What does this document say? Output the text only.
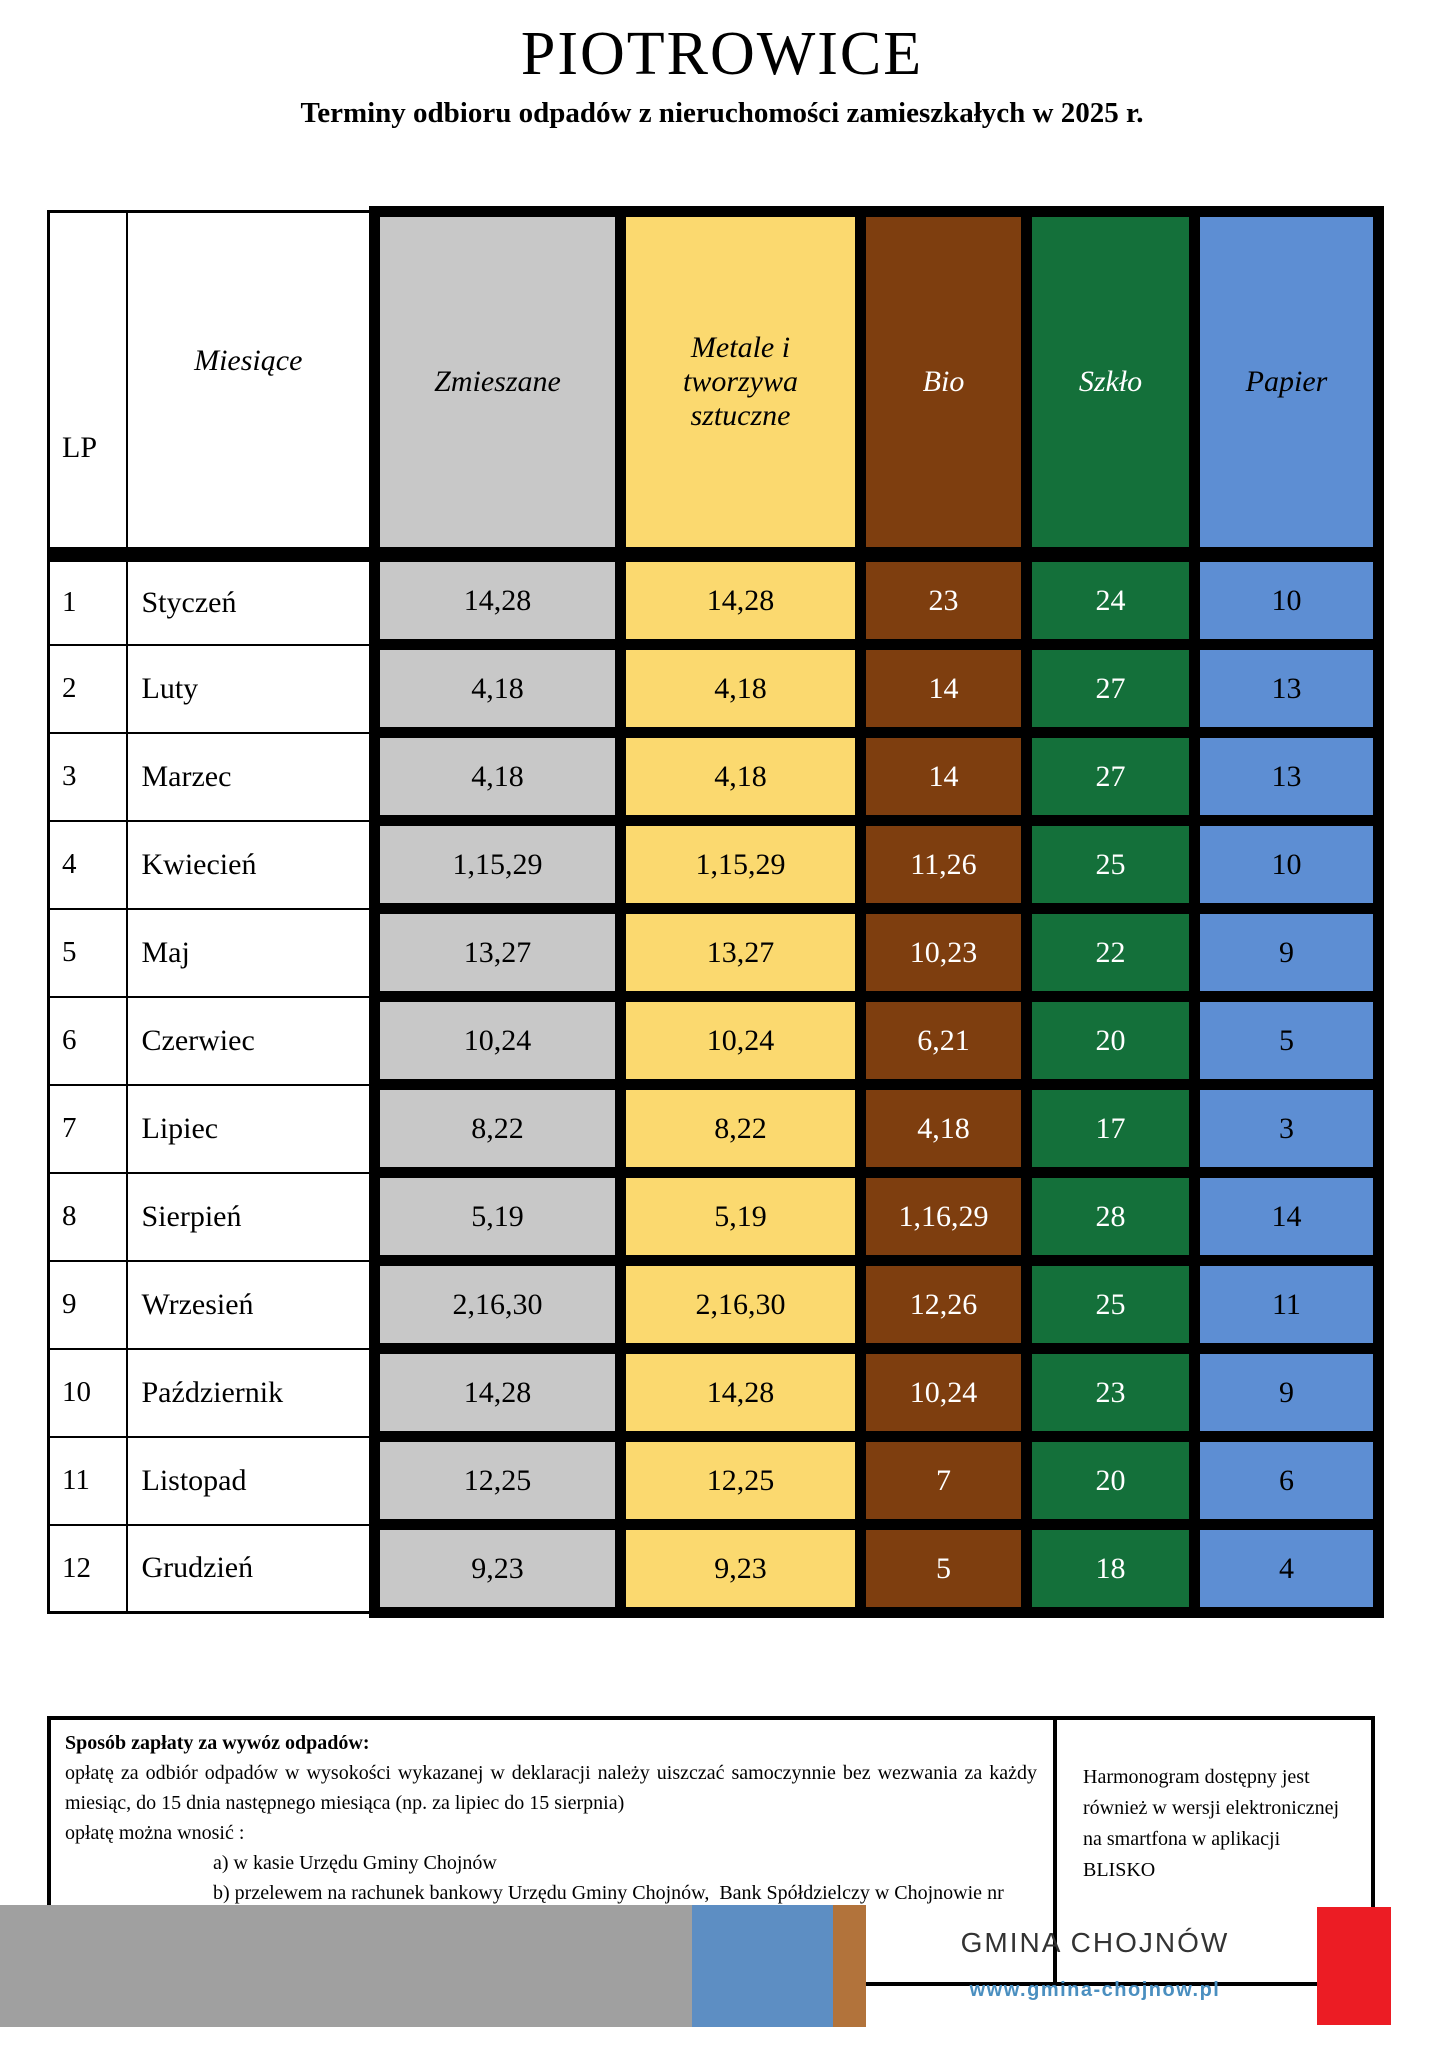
PIOTROWICE
Terminy odbioru odpadów z nieruchomości zamieszkałych w 2025 r.
LP	Miesiące	Zmieszane	Metale i tworzywa sztuczne	Bio	Szkło	Papier
1	Styczeń	14,28	14,28	23	24	10
2	Luty	4,18	4,18	14	27	13
3	Marzec	4,18	4,18	14	27	13
4	Kwiecień	1,15,29	1,15,29	11,26	25	10
5	Maj	13,27	13,27	10,23	22	9
6	Czerwiec	10,24	10,24	6,21	20	5
7	Lipiec	8,22	8,22	4,18	17	3
8	Sierpień	5,19	5,19	1,16,29	28	14
9	Wrzesień	2,16,30	2,16,30	12,26	25	11
10	Październik	14,28	14,28	10,24	23	9
11	Listopad	12,25	12,25	7	20	6
12	Grudzień	9,23	9,23	5	18	4
Sposób zapłaty za wywóz odpadów:

opłatę za odbiór odpadów w wysokości wykazanej w deklaracji należy uiszczać samoczynnie bez wezwania za każdy miesiąc, do 15 dnia następnego miesiąca (np. za lipiec do 15 sierpnia)

opłatę można wnosić :
a) w kasie Urzędu Gminy Chojnów
b) przelewem na rachunek bankowy Urzędu Gminy Chojnów,  Bank Spółdzielczy w Chojnowie nr
Harmonogram dostępny jest
również w wersji elektronicznej
na smartfona w aplikacji
BLISKO
GMINA CHOJNÓW
www.gmina-chojnow.pl
